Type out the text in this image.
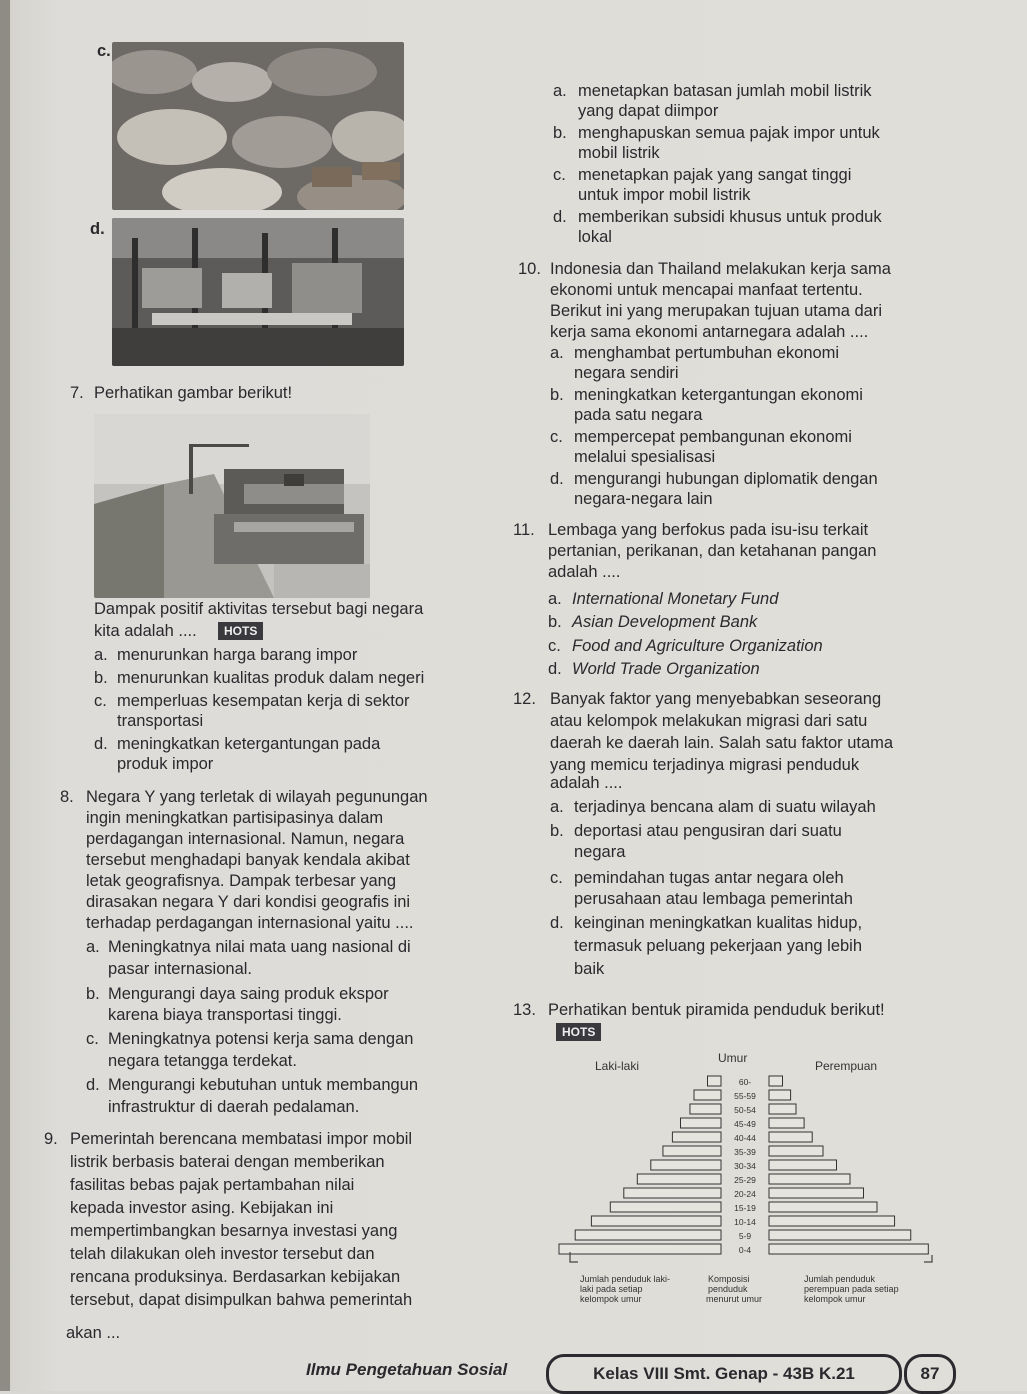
c.
d.
a. menetapkan batasan jumlah mobil listrik
yang dapat diimpor
b. menghapuskan semua pajak impor untuk
mobil listrik
c. menetapkan pajak yang sangat tinggi
untuk impor mobil listrik
d. memberikan subsidi khusus untuk produk
lokal
7. Perhatikan gambar berikut!
Dampak positif aktivitas tersebut bagi negara
kita adalah ....	HOTS
a. menurunkan harga barang impor
b. menurunkan kualitas produk dalam negeri
c. memperluas kesempatan kerja di sektor
transportasi
d. meningkatkan ketergantungan pada
produk impor
8. Negara Y yang terletak di wilayah pegunungan
ingin meningkatkan partisipasinya dalam
perdagangan internasional. Namun, negara
tersebut menghadapi banyak kendala akibat
letak geografisnya. Dampak terbesar yang
dirasakan negara Y dari kondisi geografis ini
terhadap perdagangan internasional yaitu ....
a. Meningkatnya nilai mata uang nasional di
pasar internasional.
b. Mengurangi daya saing produk ekspor
karena biaya transportasi tinggi.
c. Meningkatnya potensi kerja sama dengan
negara tetangga terdekat.
d. Mengurangi kebutuhan untuk membangun
infrastruktur di daerah pedalaman.
9. Pemerintah berencana membatasi impor mobil
listrik berbasis baterai dengan memberikan
fasilitas bebas pajak pertambahan nilai
kepada investor asing. Kebijakan ini
mempertimbangkan besarnya investasi yang
telah dilakukan oleh investor tersebut dan
rencana produksinya. Berdasarkan kebijakan
tersebut, dapat disimpulkan bahwa pemerintah
akan ...
10. Indonesia dan Thailand melakukan kerja sama
ekonomi untuk mencapai manfaat tertentu.
Berikut ini yang merupakan tujuan utama dari
kerja sama ekonomi antarnegara adalah ....
a. menghambat pertumbuhan ekonomi
negara sendiri
b. meningkatkan ketergantungan ekonomi
pada satu negara
c. mempercepat pembangunan ekonomi
melalui spesialisasi
d. mengurangi hubungan diplomatik dengan
negara-negara lain
11. Lembaga yang berfokus pada isu-isu terkait
pertanian, perikanan, dan ketahanan pangan
adalah ....
a. International Monetary Fund
b. Asian Development Bank
c. Food and Agriculture Organization
d. World Trade Organization
12. Banyak faktor yang menyebabkan seseorang
atau kelompok melakukan migrasi dari satu
daerah ke daerah lain. Salah satu faktor utama
yang memicu terjadinya migrasi penduduk
adalah ....
a. terjadinya bencana alam di suatu wilayah
b. deportasi atau pengusiran dari suatu
negara
c. pemindahan tugas antar negara oleh
perusahaan atau lembaga pemerintah
d. keinginan meningkatkan kualitas hidup,
termasuk peluang pekerjaan yang lebih
baik
13. Perhatikan bentuk piramida penduduk berikut!
HOTS
Laki-laki
Umur
Perempuan
60-
55-59
50-54
45-49
40-44
35-39
30-34
25-29
20-24
15-19
10-14
5-9
0-4
Jumlah penduduk laki-
laki pada setiap
kelompok umur
Komposisi
penduduk
menurut umur
Jumlah penduduk
perempuan pada setiap
kelompok umur
Ilmu Pengetahuan Sosial	Kelas VIII Smt. Genap - 43B K.21	87
